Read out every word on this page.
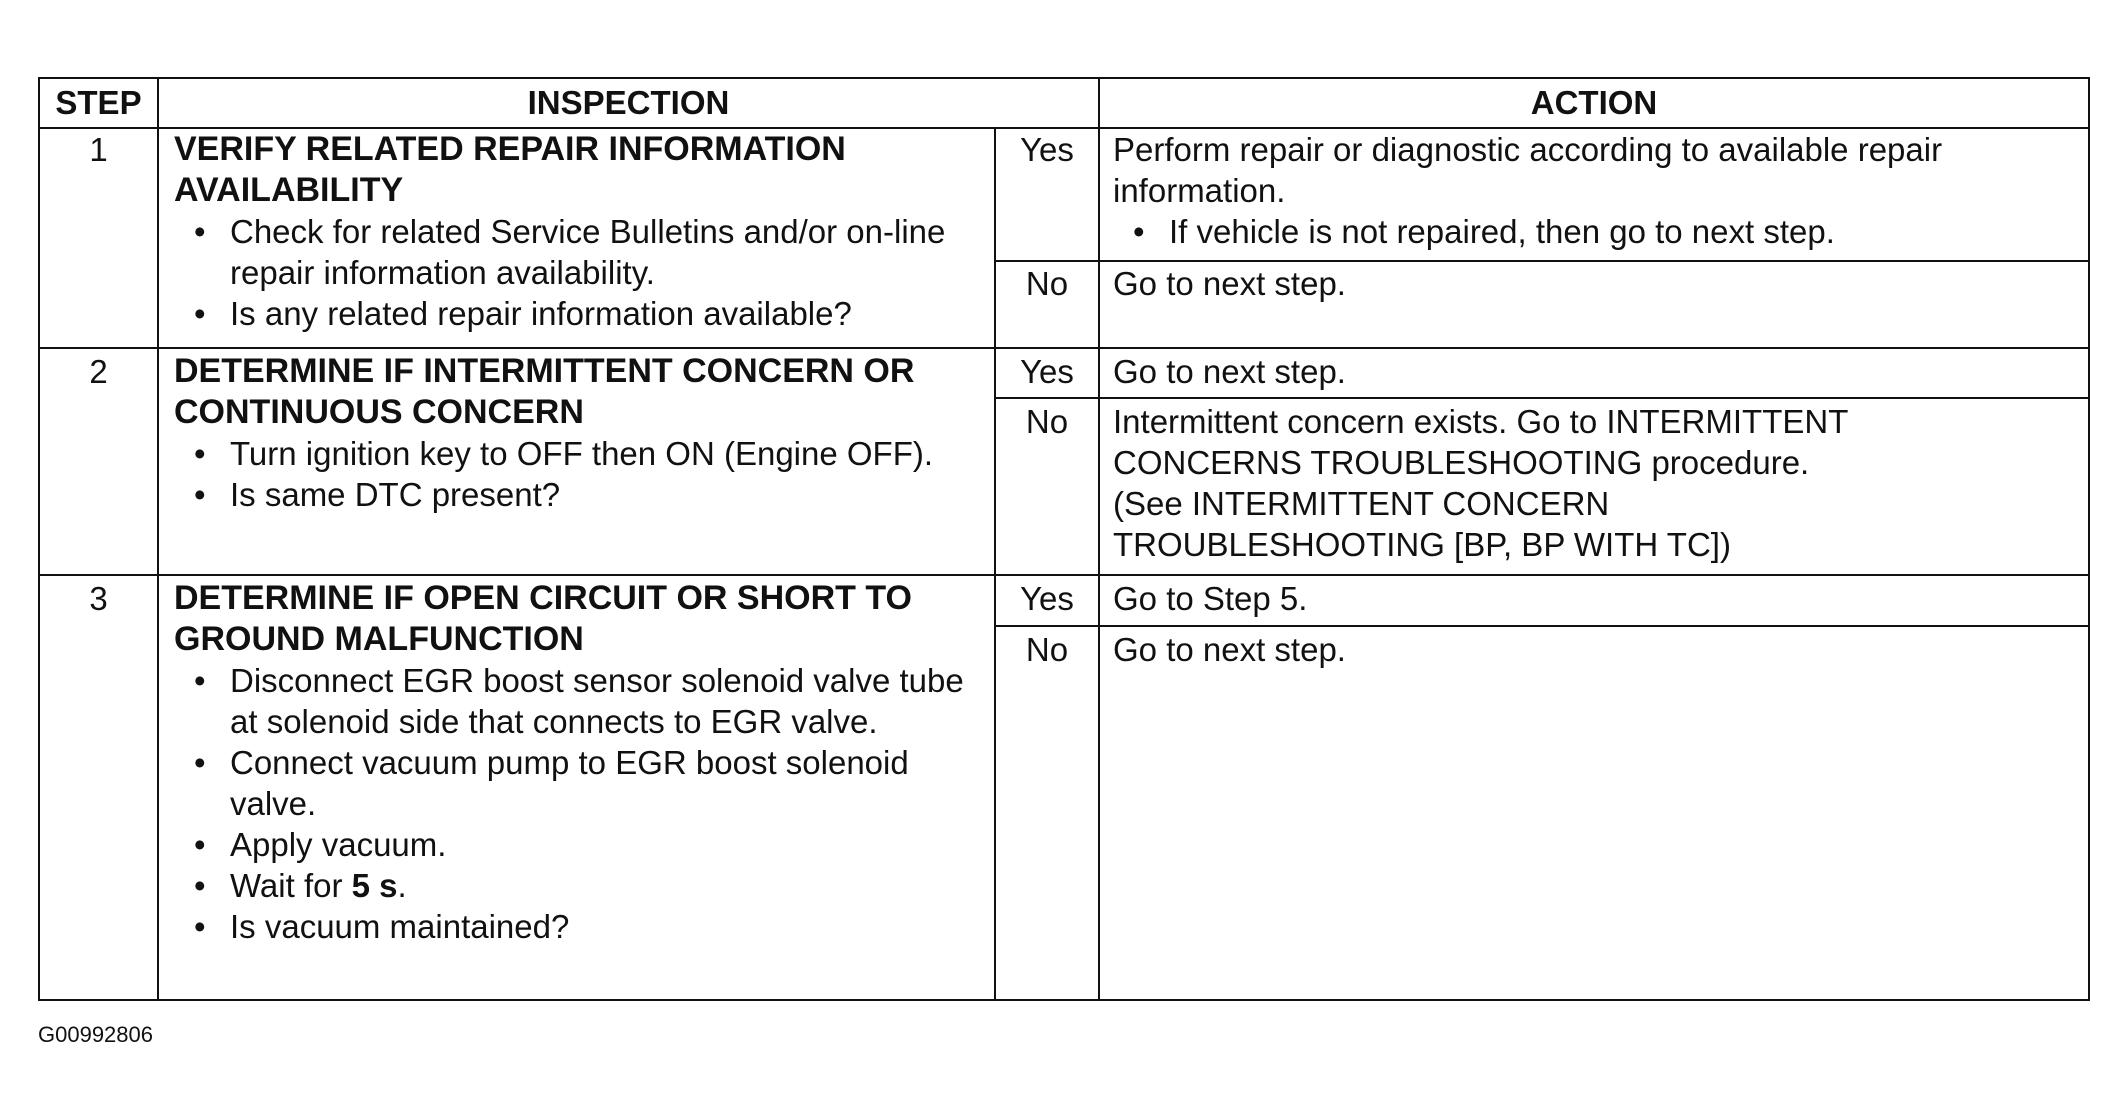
STEP	INSPECTION	ACTION
1	VERIFY RELATED REPAIR INFORMATION
AVAILABILITY
• Check for related Service Bulletins and/or on-line repair information availability.
• Is any related repair information available?
Yes	Perform repair or diagnostic according to available repair information.
• If vehicle is not repaired, then go to next step.
No	Go to next step.
2	DETERMINE IF INTERMITTENT CONCERN OR
CONTINUOUS CONCERN
• Turn ignition key to OFF then ON (Engine OFF).
• Is same DTC present?
Yes	Go to next step.
No	Intermittent concern exists. Go to INTERMITTENT
CONCERNS TROUBLESHOOTING procedure.
(See INTERMITTENT CONCERN
TROUBLESHOOTING [BP, BP WITH TC])
3	DETERMINE IF OPEN CIRCUIT OR SHORT TO
GROUND MALFUNCTION
• Disconnect EGR boost sensor solenoid valve tube at solenoid side that connects to EGR valve.
• Connect vacuum pump to EGR boost solenoid valve.
• Apply vacuum.
• Wait for 5 s.
• Is vacuum maintained?
Yes	Go to Step 5.
No	Go to next step.
G00992806
